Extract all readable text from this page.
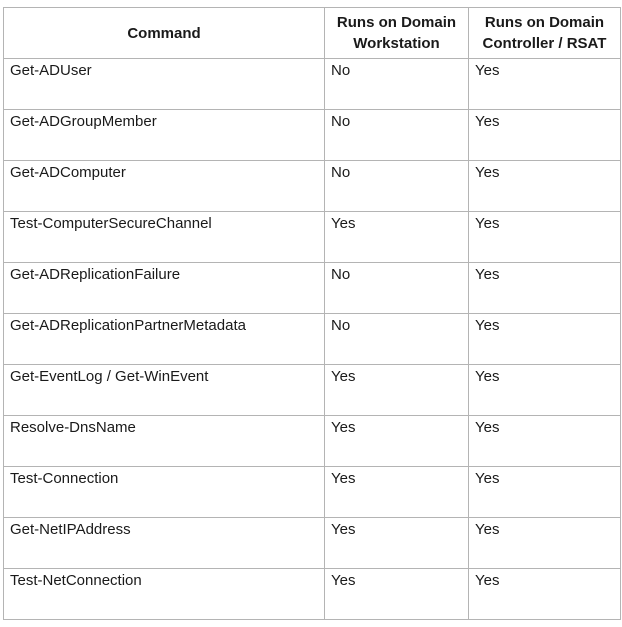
Command	Runs on Domain Workstation	Runs on Domain Controller / RSAT

Get-ADUser	No	Yes

Get-ADGroupMember	No	Yes

Get-ADComputer	No	Yes

Test-ComputerSecureChannel	Yes	Yes

Get-ADReplicationFailure	No	Yes

Get-ADReplicationPartnerMetadata	No	Yes

Get-EventLog / Get-WinEvent	Yes	Yes

Resolve-DnsName	Yes	Yes

Test-Connection	Yes	Yes

Get-NetIPAddress	Yes	Yes

Test-NetConnection	Yes	Yes
